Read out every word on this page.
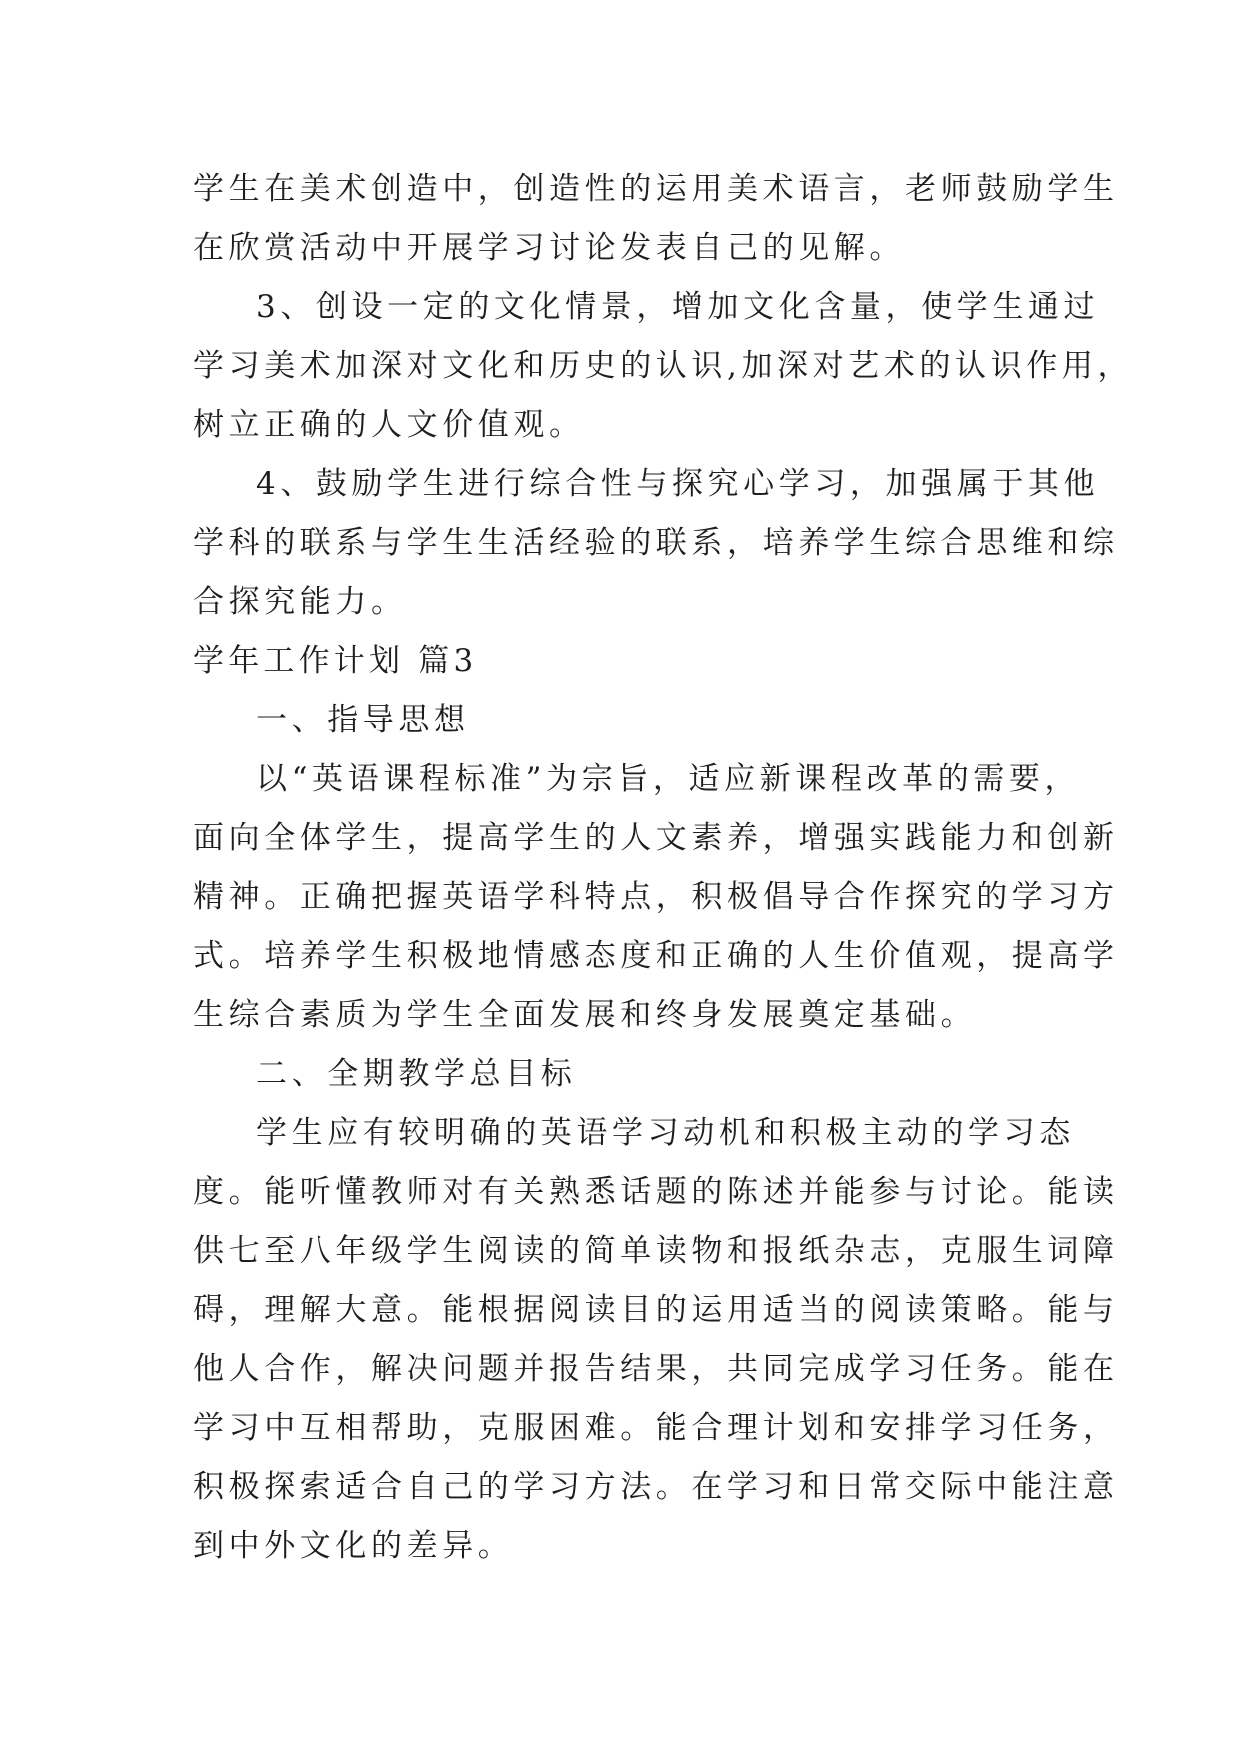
学生在美术创造中，创造性的运用美术语言，老师鼓励学生
在欣赏活动中开展学习讨论发表自己的见解。
3、创设一定的文化情景，增加文化含量，使学生通过
学习美术加深对文化和历史的认识,加深对艺术的认识作用，
树立正确的人文价值观。
4、鼓励学生进行综合性与探究心学习，加强属于其他
学科的联系与学生生活经验的联系，培养学生综合思维和综
合探究能力。
学年工作计划 篇3
一、指导思想
以“英语课程标准”为宗旨，适应新课程改革的需要，
面向全体学生，提高学生的人文素养，增强实践能力和创新
精神。正确把握英语学科特点，积极倡导合作探究的学习方
式。培养学生积极地情感态度和正确的人生价值观，提高学
生综合素质为学生全面发展和终身发展奠定基础。
二、全期教学总目标
学生应有较明确的英语学习动机和积极主动的学习态
度。能听懂教师对有关熟悉话题的陈述并能参与讨论。能读
供七至八年级学生阅读的简单读物和报纸杂志，克服生词障
碍，理解大意。能根据阅读目的运用适当的阅读策略。能与
他人合作，解决问题并报告结果，共同完成学习任务。能在
学习中互相帮助，克服困难。能合理计划和安排学习任务，
积极探索适合自己的学习方法。在学习和日常交际中能注意
到中外文化的差异。
